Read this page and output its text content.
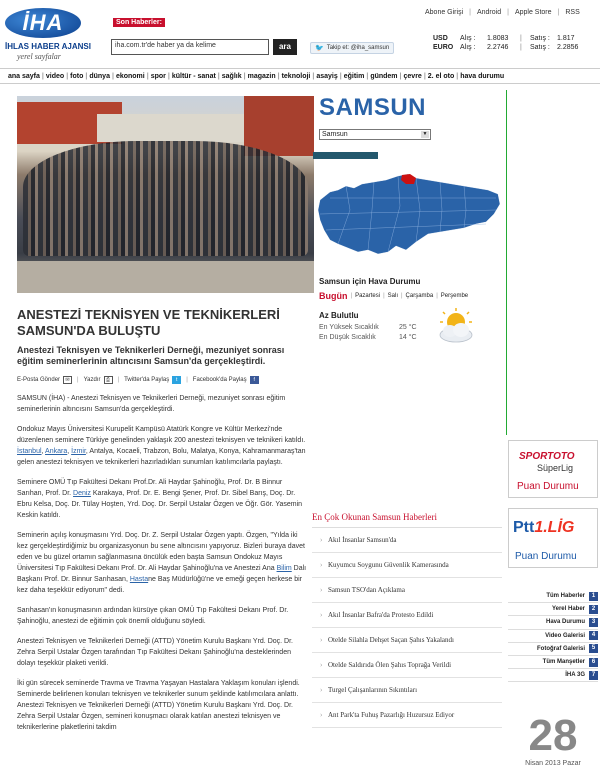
İHA
İHLAS HABER AJANSI
yerel sayfalar
Son Haberler:
iha.com.tr'de haber ya da kelime	ara	🐦 Takip et: @iha_samsun
Abone Girişi | Android | Apple Store | RSS
USD	Alış :	1.8083	|	Satış :	1.817
EURO Alış :	2.2746	|	Satış :	2.2856
ana sayfa | video | foto | dünya | ekonomi | spor | kültür - sanat | sağlık | magazin | teknoloji | asayiş | eğitim | gündem | çevre | 2. el oto | hava durumu
SAMSUN
Samsun	▼
Samsun için Hava Durumu
Bugün | Pazartesi | Salı | Çarşamba | Perşembe
Az Bulutlu
En Yüksek Sıcaklık	25 °C
En Düşük Sıcaklık	14 °C
ANESTEZİ TEKNİSYEN VE TEKNİKERLERİ SAMSUN'DA BULUŞTU
Anestezi Teknisyen ve Teknikerleri Derneği, mezuniyet sonrası eğitim seminerlerinin altıncısını Samsun'da gerçekleştirdi.
E-Posta Gönder	✉	| Yazdır	⎙	| Twitter'da Paylaş	t	| Facebook'da Paylaş	f

SAMSUN (İHA) - Anestezi Teknisyen ve Teknikerleri Derneği, mezuniyet sonrası eğitim seminerlerinin altıncısını Samsun'da gerçekleştirdi.

Ondokuz Mayıs Üniversitesi Kurupelit Kampüsü Atatürk Kongre ve Kültür Merkezi'nde düzenlenen seminere Türkiye genelinden yaklaşık 200 anestezi teknisyen ve teknikeri katıldı. İstanbul, Ankara, İzmir, Antalya, Kocaeli, Trabzon, Bolu, Malatya, Konya, Kahramanmaraş'tan gelen anestezi teknisyen ve teknikerleri hazırladıkları sunumları katılımcılarla paylaştı.

Seminere OMÜ Tıp Fakültesi Dekanı Prof.Dr. Ali Haydar Şahinoğlu, Prof. Dr. B Binnur Sarıhan, Prof. Dr. Deniz Karakaya, Prof. Dr. E. Bengi Şener, Prof. Dr. Sibel Barış, Doç. Dr. Ebru Kelsa, Doç. Dr. Tülay Hoşten, Yrd. Doç. Dr. Serpil Ustalar Özgen ve Öğr. Gör. Yasemin Keskin katıldı.

Seminerin açılış konuşmasını Yrd. Doç. Dr. Z. Serpil Ustalar Özgen yaptı. Özgen, "Yılda iki kez gerçekleştirdiğimiz bu organizasyonun bu sene altıncısını yapıyoruz. Bizleri buraya davet eden ve bu güzel ortamın sağlanmasına öncülük eden başta Samsun Ondokuz Mayıs Üniversitesi Tıp Fakültesi Dekanı Prof. Dr. Ali Haydar Şahinoğlu'na ve Anestezi Ana Bilim Dalı Başkanı Prof. Dr. Binnur Sarıhasan, Hastane Baş Müdürlüğü'ne ve emeği geçen herkese bir kez daha teşekkür ediyorum" dedi.

Sarıhasan'ın konuşmasının ardından kürsüye çıkan OMÜ Tıp Fakültesi Dekanı Prof. Dr. Şahinoğlu, anestezi de eğitimin çok önemli olduğunu söyledi.

Anestezi Teknisyen ve Teknikerleri Derneği (ATTD) Yönetim Kurulu Başkanı Yrd. Doç. Dr. Zehra Serpil Ustalar Özgen tarafından Tıp Fakültesi Dekanı Şahinoğlu'na desteklerinden dolayı teşekkür plaketi verildi.

İki gün sürecek seminerde Travma ve Travma Yaşayan Hastalara Yaklaşım konuları işlendi. Seminerde belirlenen konuları teknisyen ve teknikerler sunum şeklinde katılımcılara anlattı. Anestezi Teknisyen ve Teknikerleri Derneği (ATTD) Yönetim Kurulu Başkanı Yrd. Doç. Dr. Zehra Serpil Ustalar Özgen, semineri konuşmacı olarak katılan anestezi teknisyen ve teknikerlerine plaketlerini takdim

En Çok Okunan Samsun Haberleri
› Akıl İnsanlar Samsun'da
› Kuyumcu Soygunu Güvenlik Kamerasında
› Samsun TSO'dan Açıklama
› Akıl İnsanlar Bafra'da Protesto Edildi
› Otelde Silahla Dehşet Saçan Şahıs Yakalandı
› Otelde Saldırıda Ölen Şahıs Toprağa Verildi
› Turgel Çalışanlarının Sıkıntıları
› Ant Park'ta Fuhuş Pazarlığı Huzursuz Ediyor
SPORTOTO
SüperLig
Puan Durumu
Ptt1.LİG
Puan Durumu
Tüm Haberler	1
Yerel Haber	2
Hava Durumu	3
Video Galerisi	4
Fotoğraf Galerisi	5
Tüm Manşetler	6
İHA 3G	7
28
Nisan 2013 Pazar
